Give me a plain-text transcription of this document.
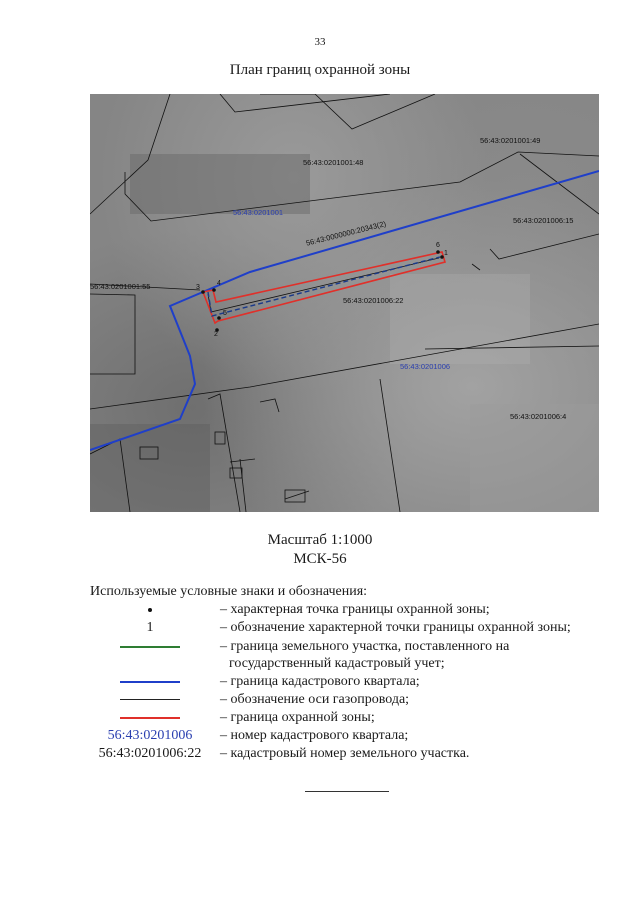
33
План границ охранной зоны
56:43:0201001:49
56:43:0201001:48
56:43:0201001
56:43:0000000:20343(2)	56:43:0201006:15
56:43:0201001:55
56:43:0201006:22
56:43:0201006
56:43:0201006:4
1
2
3
4
5
6
Масштаб 1:1000
МСК-56
Используемые условные знаки и обозначения:
– характерная точка границы охранной зоны;
1	– обозначение характерной точки границы охранной зоны;
– граница земельного участка, поставленного на
государственный кадастровый учет;
– граница кадастрового квартала;
– обозначение оси газопровода;
– граница охранной зоны;
56:43:0201006 – номер кадастрового квартала;
56:43:0201006:22 – кадастровый номер земельного участка.
